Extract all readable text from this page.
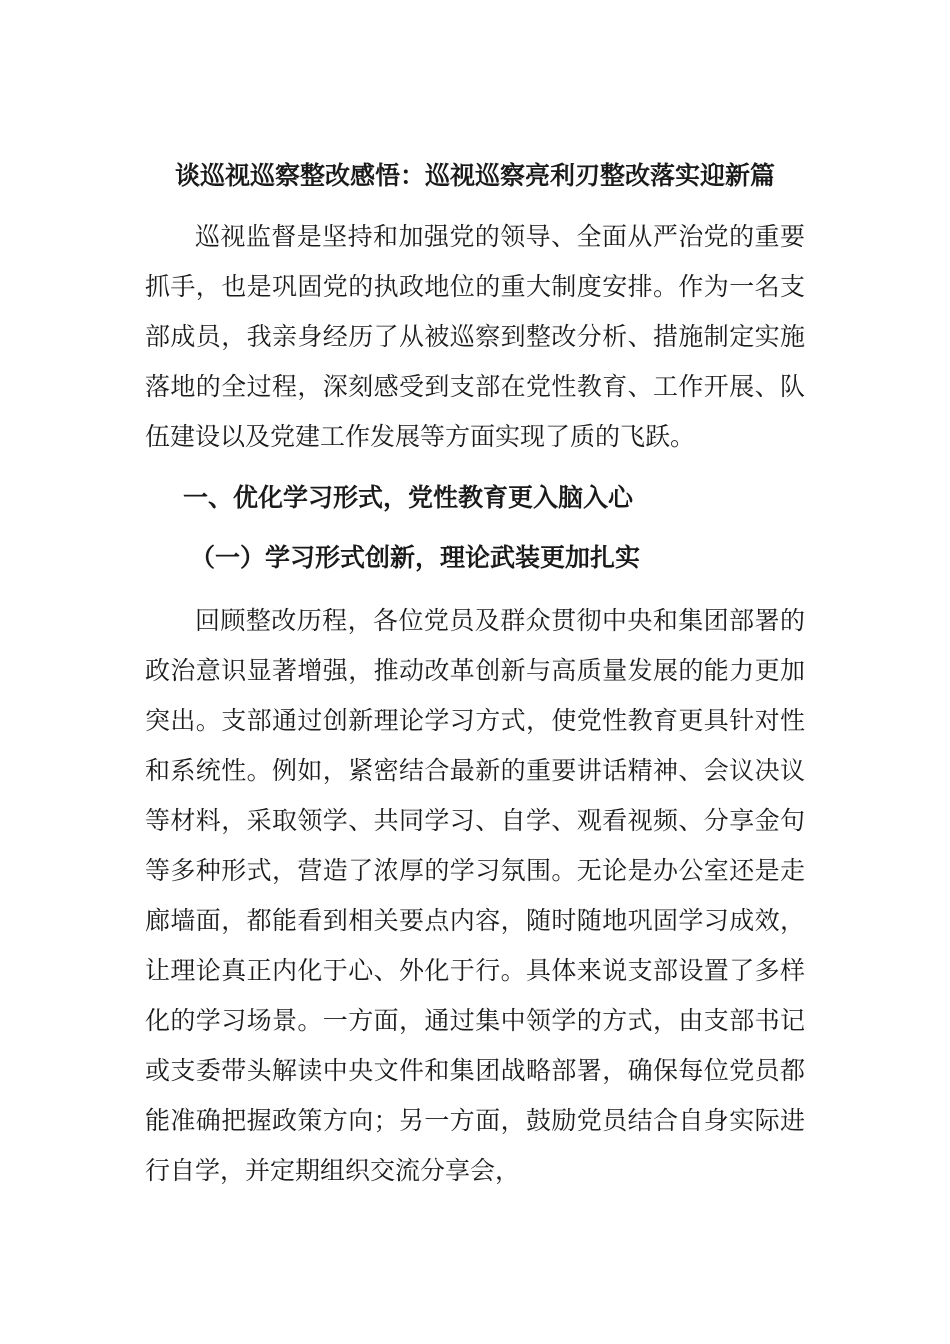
谈巡视巡察整改感悟：巡视巡察亮利刃整改落实迎新篇

巡视监督是坚持和加强党的领导、全面从严治党的重要抓手，也是巩固党的执政地位的重大制度安排。作为一名支部成员，我亲身经历了从被巡察到整改分析、措施制定实施落地的全过程，深刻感受到支部在党性教育、工作开展、队伍建设以及党建工作发展等方面实现了质的飞跃。

一、优化学习形式，党性教育更入脑入心
（一）学习形式创新，理论武装更加扎实

回顾整改历程，各位党员及群众贯彻中央和集团部署的政治意识显著增强，推动改革创新与高质量发展的能力更加突出。支部通过创新理论学习方式，使党性教育更具针对性和系统性。例如，紧密结合最新的重要讲话精神、会议决议等材料，采取领学、共同学习、自学、观看视频、分享金句等多种形式，营造了浓厚的学习氛围。无论是办公室还是走廊墙面，都能看到相关要点内容，随时随地巩固学习成效，让理论真正内化于心、外化于行。具体来说支部设置了多样化的学习场景。一方面，通过集中领学的方式，由支部书记或支委带头解读中央文件和集团战略部署，确保每位党员都能准确把握政策方向；另一方面，鼓励党员结合自身实际进行自学，并定期组织交流分享会，
